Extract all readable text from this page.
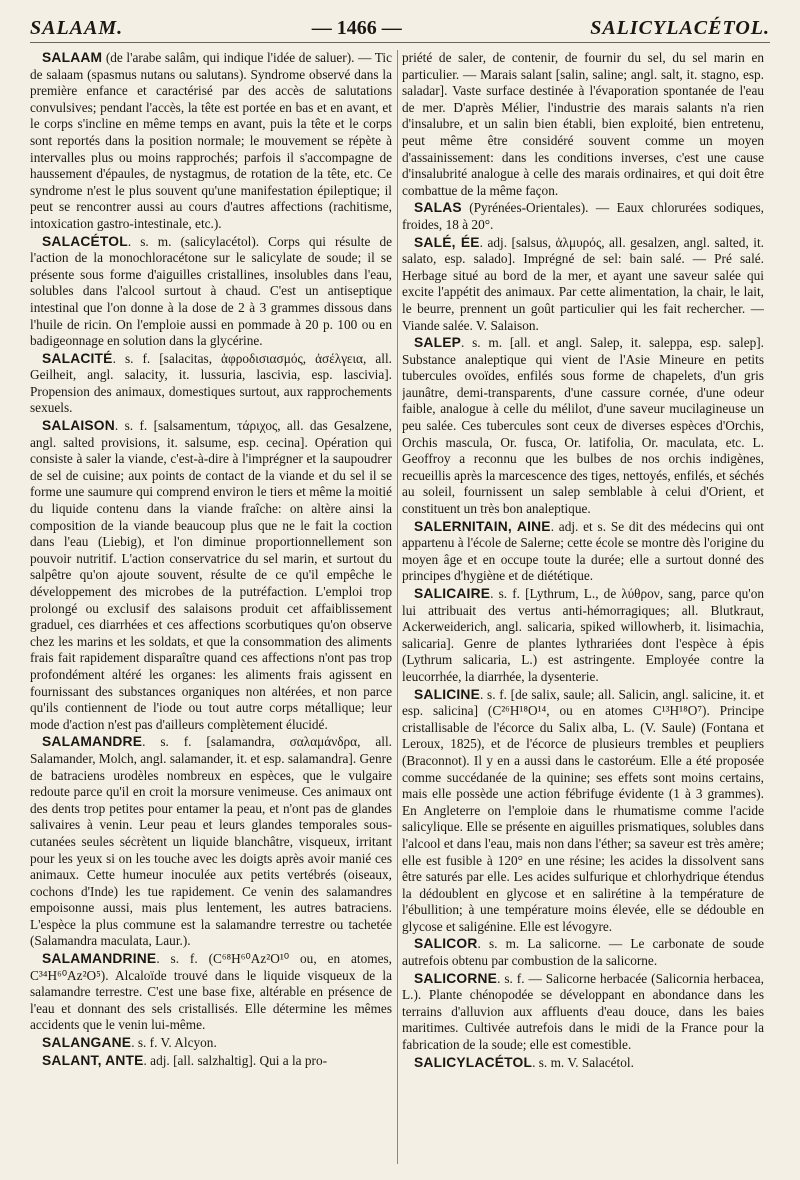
SALAAM.	— 1466 —	SALICYLACÉTOL.

SALAAM (de l'arabe salâm, qui indique l'idée de saluer). — Tic de salaam (spasmus nutans ou salutans). Syndrome observé dans la première enfance et caractérisé par des accès de salutations convulsives; pendant l'accès, la tête est portée en bas et en avant, et le corps s'incline en même temps en avant, puis la tête et le corps sont reportés dans la position normale; le mouvement se répète à intervalles plus ou moins rapprochés; parfois il s'accompagne de haussement d'épaules, de nystagmus, de rotation de la tête, etc. Ce syndrome n'est le plus souvent qu'une manifestation épileptique; il peut se rencontrer aussi au cours d'autres affections (rachitisme, intoxication gastro-intestinale, etc.).

SALACÉTOL. s. m. (salicylacétol). Corps qui résulte de l'action de la monochloracétone sur le salicylate de soude; il se présente sous forme d'aiguilles cristallines, insolubles dans l'eau, solubles dans l'alcool surtout à chaud. C'est un antiseptique intestinal que l'on donne à la dose de 2 à 3 grammes dissous dans l'huile de ricin. On l'emploie aussi en pommade à 20 p. 100 ou en badigeonnage en solution dans la glycérine.

SALACITÉ. s. f. [salacitas, ἀφροδισιασμός, ἀσέλγεια, all. Geilheit, angl. salacity, it. lussuria, lascivia, esp. lascivia]. Propension des animaux, domestiques surtout, aux rapprochements sexuels.

SALAISON. s. f. [salsamentum, τάριχος, all. das Gesalzene, angl. salted provisions, it. salsume, esp. cecina]. Opération qui consiste à saler la viande, c'est-à-dire à l'imprégner et la saupoudrer de sel de cuisine; aux points de contact de la viande et du sel il se forme une saumure qui comprend environ le tiers et même la moitié du liquide contenu dans la viande fraîche: on altère ainsi la composition de la viande beaucoup plus que ne le fait la coction dans l'eau (Liebig), et l'on diminue proportionnellement son pouvoir nutritif. L'action conservatrice du sel marin, et surtout du salpêtre qu'on ajoute souvent, résulte de ce qu'il empêche le développement des microbes de la putréfaction. L'emploi trop prolongé ou exclusif des salaisons produit cet affaiblissement graduel, ces diarrhées et ces affections scorbutiques qu'on observe chez les marins et les soldats, et que la consommation des aliments frais fait rapidement disparaître quand ces affections n'ont pas trop profondément altéré les organes: les aliments frais agissent en fournissant des substances organiques non altérées, et non parce qu'ils contiennent de l'iode ou tout autre corps métallique; leur mode d'action n'est pas d'ailleurs complètement élucidé.

SALAMANDRE. s. f. [salamandra, σαλαμάνδρα, all. Salamander, Molch, angl. salamander, it. et esp. salamandra]. Genre de batraciens urodèles nombreux en espèces, que le vulgaire redoute parce qu'il en croit la morsure venimeuse. Ces animaux ont des dents trop petites pour entamer la peau, et n'ont pas de glandes salivaires à venin. Leur peau et leurs glandes temporales sous-cutanées seules sécrètent un liquide blanchâtre, visqueux, irritant pour les yeux si on les touche avec les doigts après avoir manié ces animaux. Cette humeur inoculée aux petits vertébrés (oiseaux, cochons d'Inde) les tue rapidement. Ce venin des salamandres empoisonne aussi, mais plus lentement, les autres batraciens. L'espèce la plus commune est la salamandre terrestre ou tachetée (Salamandra maculata, Laur.).

SALAMANDRINE. s. f. (C⁶⁸H⁶⁰Az²O¹⁰ ou, en atomes, C³⁴H⁶⁰Az²O⁵). Alcaloïde trouvé dans le liquide visqueux de la salamandre terrestre. C'est une base fixe, altérable en présence de l'eau et donnant des sels cristallisés. Elle détermine les mêmes accidents que le venin lui-même.

SALANGANE. s. f. V. Alcyon.

SALANT, ANTE. adj. [all. salzhaltig]. Qui a la pro-

priété de saler, de contenir, de fournir du sel, du sel marin en particulier. — Marais salant [salin, saline; angl. salt, it. stagno, esp. saladar]. Vaste surface destinée à l'évaporation spontanée de l'eau de mer. D'après Mélier, l'industrie des marais salants n'a rien d'insalubre, et un salin bien établi, bien exploité, bien entretenu, peut même être considéré souvent comme un moyen d'assainissement: dans les conditions inverses, c'est une cause d'insalubrité analogue à celle des marais ordinaires, et qui doit être combattue de la même façon.

SALAS (Pyrénées-Orientales). — Eaux chlorurées sodiques, froides, 18 à 20°.

SALÉ, ÉE. adj. [salsus, ἁλμυρός, all. gesalzen, angl. salted, it. salato, esp. salado]. Imprégné de sel: bain salé. — Pré salé. Herbage situé au bord de la mer, et ayant une saveur salée qui excite l'appétit des animaux. Par cette alimentation, la chair, le lait, le beurre, prennent un goût particulier qui les fait rechercher. — Viande salée. V. Salaison.

SALEP. s. m. [all. et angl. Salep, it. saleppa, esp. salep]. Substance analeptique qui vient de l'Asie Mineure en petits tubercules ovoïdes, enfilés sous forme de chapelets, d'un gris jaunâtre, demi-transparents, d'une cassure cornée, d'une odeur faible, analogue à celle du mélilot, d'une saveur mucilagineuse un peu salée. Ces tubercules sont ceux de diverses espèces d'Orchis, Orchis mascula, Or. fusca, Or. latifolia, Or. maculata, etc. L. Geoffroy a reconnu que les bulbes de nos orchis indigènes, recueillis après la marcescence des tiges, nettoyés, enfilés, et séchés au soleil, fournissent un salep semblable à celui d'Orient, et constituent un très bon analeptique.

SALERNITAIN, AINE. adj. et s. Se dit des médecins qui ont appartenu à l'école de Salerne; cette école se montre dès l'origine du moyen âge et en occupe toute la durée; elle a surtout donné des principes d'hygiène et de diététique.

SALICAIRE. s. f. [Lythrum, L., de λύθρον, sang, parce qu'on lui attribuait des vertus anti-hémorragiques; all. Blutkraut, Ackerweiderich, angl. salicaria, spiked willowherb, it. lisimachia, salicaria]. Genre de plantes lythrariées dont l'espèce à épis (Lythrum salicaria, L.) est astringente. Employée contre la leucorrhée, la diarrhée, la dysenterie.

SALICINE. s. f. [de salix, saule; all. Salicin, angl. salicine, it. et esp. salicina] (C²⁶H¹⁸O¹⁴, ou en atomes C¹³H¹⁸O⁷). Principe cristallisable de l'écorce du Salix alba, L. (V. Saule) (Fontana et Leroux, 1825), et de l'écorce de plusieurs trembles et peupliers (Braconnot). Il y en a aussi dans le castoréum. Elle a été proposée comme succédanée de la quinine; ses effets sont moins certains, mais elle possède une action fébrifuge évidente (1 à 3 grammes). En Angleterre on l'emploie dans le rhumatisme comme l'acide salicylique. Elle se présente en aiguilles prismatiques, solubles dans l'alcool et dans l'eau, mais non dans l'éther; sa saveur est très amère; elle est fusible à 120° en une résine; les acides la dissolvent sans être saturés par elle. Les acides sulfurique et chlorhydrique étendus la dédoublent en glycose et en salirétine à la température de l'ébullition; à une température moins élevée, elle se dédouble en glycose et saligénine. Elle est lévogyre.

SALICOR. s. m. La salicorne. — Le carbonate de soude autrefois obtenu par combustion de la salicorne.

SALICORNE. s. f. — Salicorne herbacée (Salicornia herbacea, L.). Plante chénopodée se développant en abondance dans les terrains d'alluvion aux affluents d'eau douce, dans les baies maritimes. Cultivée autrefois dans le midi de la France pour la fabrication de la soude; elle est comestible.

SALICYLACÉTOL. s. m. V. Salacétol.
